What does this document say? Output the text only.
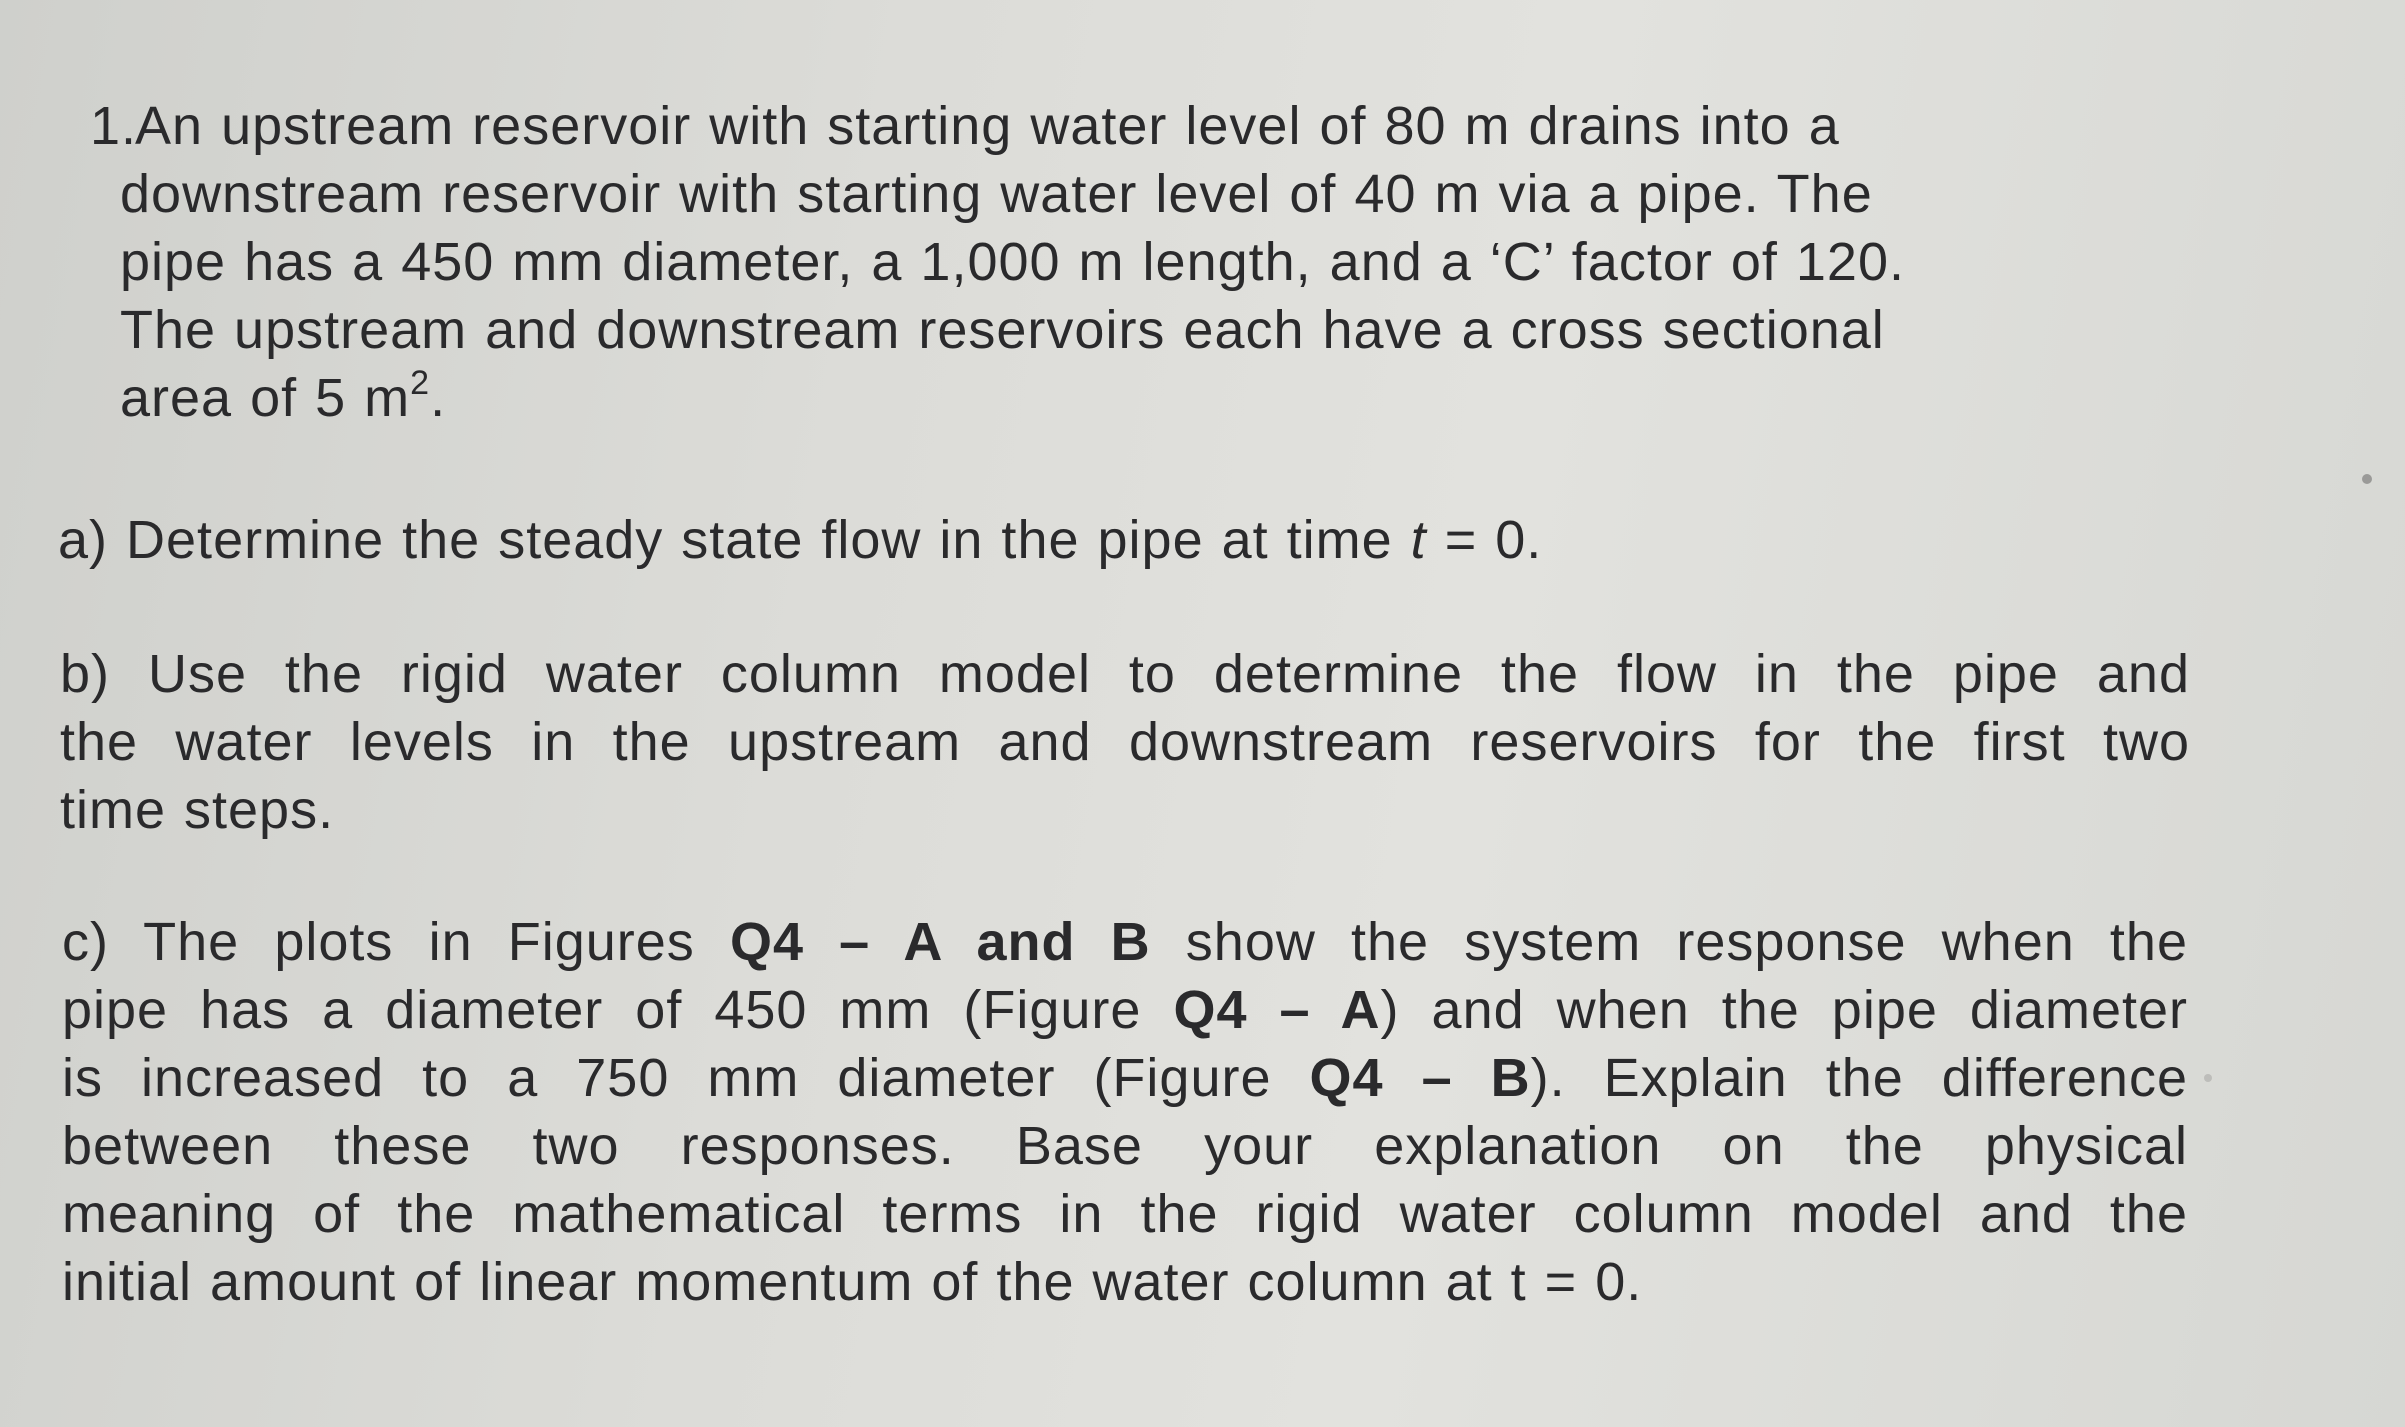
1. An upstream reservoir with starting water level of 80 m drains into a
downstream reservoir with starting water level of 40 m via a pipe. The
pipe has a 450 mm diameter, a 1,000 m length, and a ‘C’ factor of 120.
The upstream and downstream reservoirs each have a cross sectional
area of 5 $m^2$.
a) Determine the steady state flow in the pipe at time t = 0.
b) Use the rigid water column model to determine the flow in the pipe and
the water levels in the upstream and downstream reservoirs for the first two
time steps.
c) The plots in Figures Q4 – A and B show the system response when the
pipe has a diameter of 450 mm (Figure Q4 – A) and when the pipe diameter
is increased to a 750 mm diameter (Figure Q4 – B). Explain the difference
between these two responses. Base your explanation on the physical
meaning of the mathematical terms in the rigid water column model and the
initial amount of linear momentum of the water column at t = 0.
